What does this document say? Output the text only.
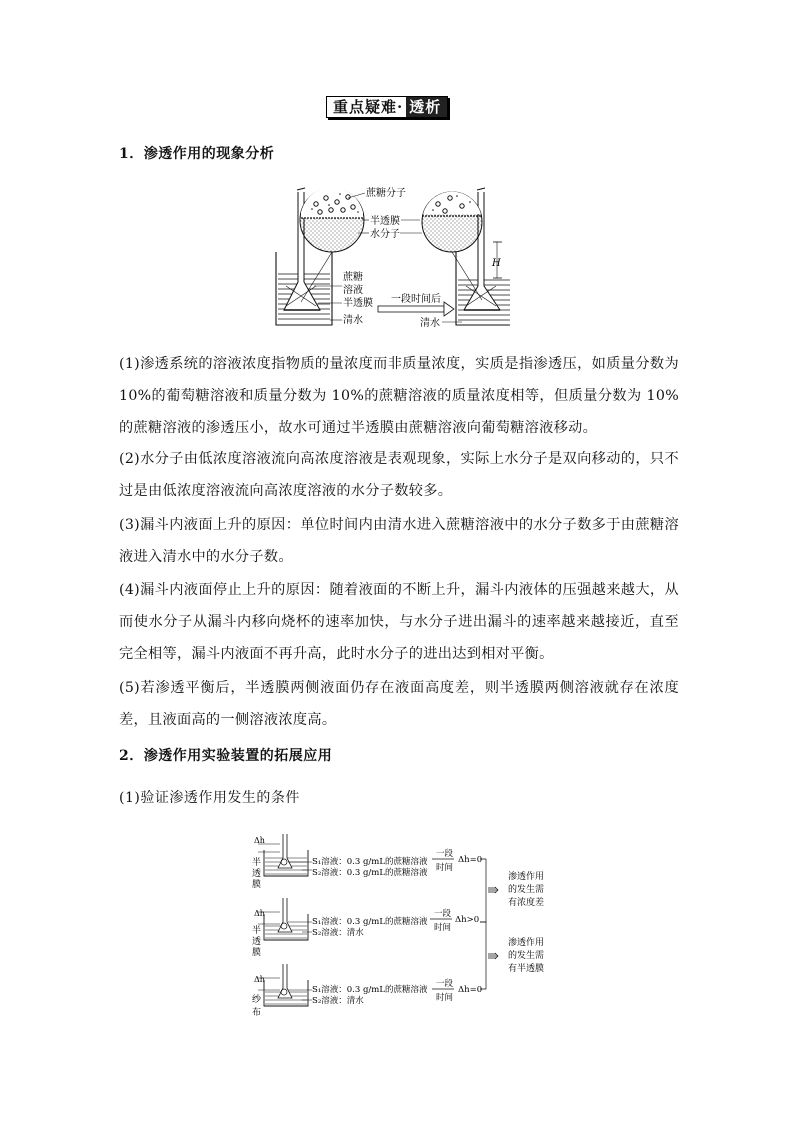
重点疑难· 透析
1．渗透作用的现象分析
蔗糖分子
半透膜
水分子
蔗糖
溶液
半透膜
清水
一段时间后
清水
H
(1)渗透系统的溶液浓度指物质的量浓度而非质量浓度，实质是指渗透压，如质量分数为 10%的葡萄糖溶液和质量分数为 10%的蔗糖溶液的质量浓度相等，但质量分数为 10%的蔗糖溶液的渗透压小，故水可通过半透膜由蔗糖溶液向葡萄糖溶液移动。
(2)水分子由低浓度溶液流向高浓度溶液是表观现象，实际上水分子是双向移动的，只不过是由低浓度溶液流向高浓度溶液的水分子数较多。
(3)漏斗内液面上升的原因：单位时间内由清水进入蔗糖溶液中的水分子数多于由蔗糖溶液进入清水中的水分子数。
(4)漏斗内液面停止上升的原因：随着液面的不断上升，漏斗内液体的压强越来越大，从而使水分子从漏斗内移向烧杯的速率加快，与水分子进出漏斗的速率越来越接近，直至完全相等，漏斗内液面不再升高，此时水分子的进出达到相对平衡。
(5)若渗透平衡后，半透膜两侧液面仍存在液面高度差，则半透膜两侧溶液就存在浓度差，且液面高的一侧溶液浓度高。
2．渗透作用实验装置的拓展应用
(1)验证渗透作用发生的条件
Δh
半
透
膜
S₁溶液：0.3 g/mL的蔗糖溶液
S₂溶液：0.3 g/mL的蔗糖溶液
一段
时间
Δh=0
Δh
半
透
膜
S₁溶液：0.3 g/mL的蔗糖溶液
S₂溶液：清水
一段
时间
Δh>0
Δh
纱
布
S₁溶液：0.3 g/mL的蔗糖溶液
S₂溶液：清水
一段
时间
Δh=0
渗透作用
的发生需
有浓度差
渗透作用
的发生需
有半透膜
